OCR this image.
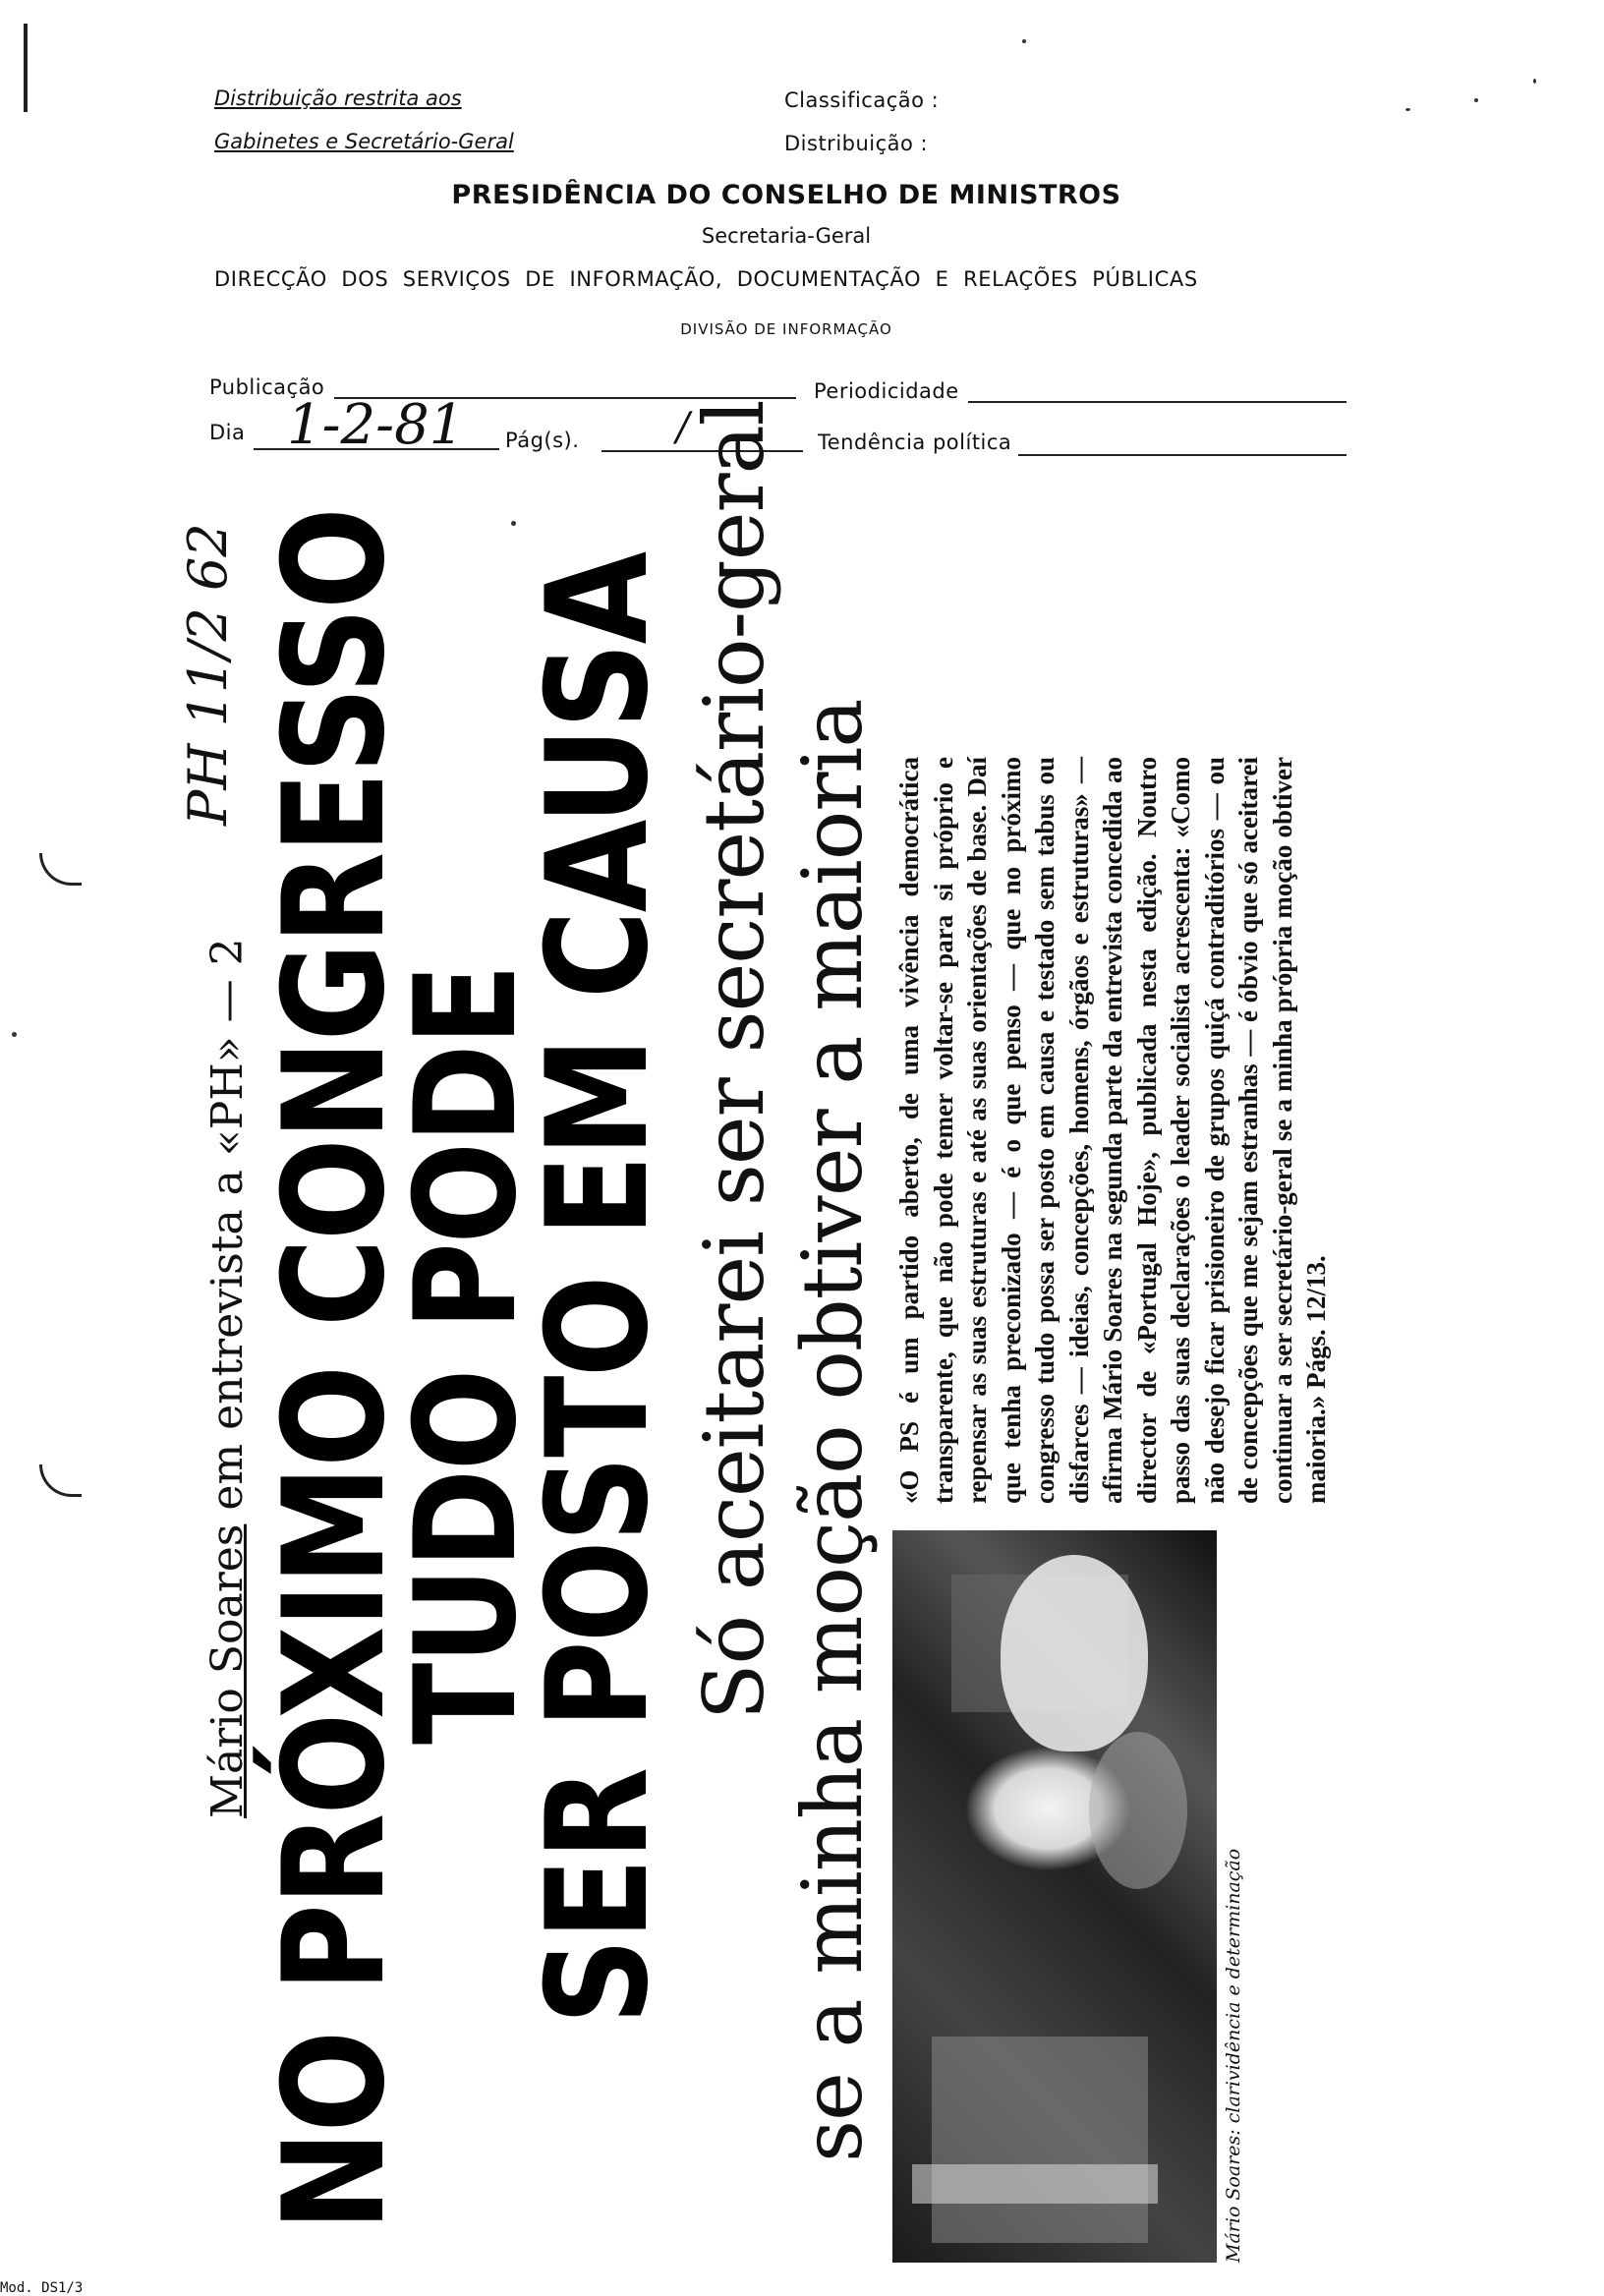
Distribuição restrita aos
Gabinetes e Secretário-Geral
Classificação :
Distribuição :
PRESIDÊNCIA DO CONSELHO DE MINISTROS
Secretaria-Geral
DIRECÇÃO  DOS  SERVIÇOS  DE  INFORMAÇÃO,  DOCUMENTAÇÃO  E  RELAÇÕES  PÚBLICAS
DIVISÃO DE INFORMAÇÃO
Publicação	Periodicidade
Dia 1-2-81 Pág(s). /	Tendência política
Mário Soares em entrevista a «PH» — 2
PH 11/2 62 NO PRÓXIMO CONGRESSO
TUDO PODE
SER POSTO EM CAUSA Só aceitarei ser secretário-geral se a minha moção obtiver a maioria	Mário Soares: clarividência e determinação
«O PS é um partido aberto, de uma vivência democrática transparente, que não pode temer voltar-se para si próprio e repensar as suas estruturas e até as suas orientações de base. Daí que tenha preconizado — é o que penso — que no próximo congresso tudo possa ser posto em causa e testado sem tabus ou disfarces — ideias, concepções, homens, órgãos e estruturas» — afirma Mário Soares na segunda parte da entrevista concedida ao director de «Portugal Hoje», publicada nesta edição. Noutro passo das suas declarações o leader socialista acrescenta: «Como não desejo ficar prisioneiro de grupos quiçá contraditórios — ou de concepções que me sejam estranhas — é óbvio que só aceitarei continuar a ser secretário-geral se a minha própria moção obtiver maioria.» Págs. 12/13.
Mod. DS1/3
